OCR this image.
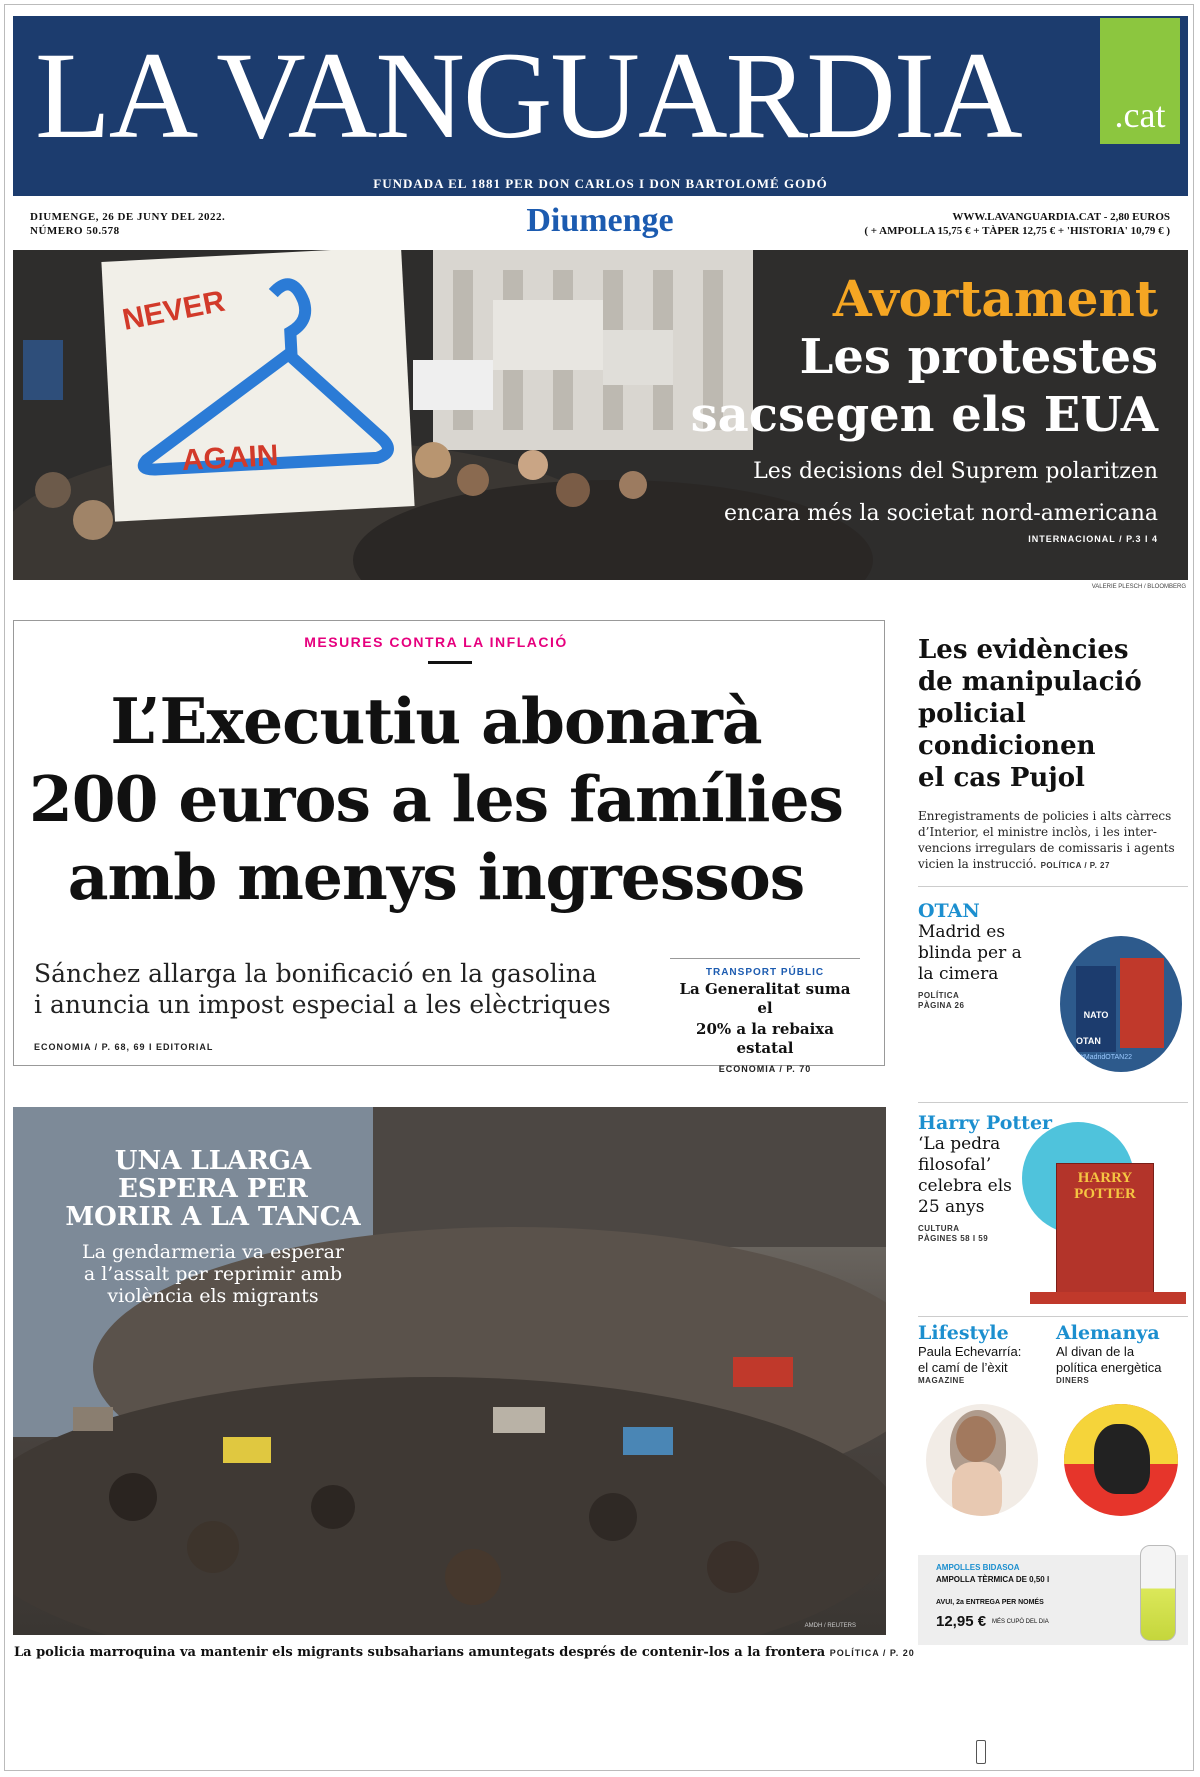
LA VANGUARDIA	.cat
FUNDADA EL 1881 PER DON CARLOS I DON BARTOLOMÉ GODÓ
DIUMENGE, 26 DE JUNY DEL 2022.
NÚMERO 50.578	Diumenge	WWW.LAVANGUARDIA.CAT - 2,80 EUROS
( + AMPOLLA 15,75 € + TÀPER 12,75 € + 'HISTORIA' 10,79 € )
NEVER
AGAIN
Avortament
Les protestes
sacsegen els EUA
Les decisions del Suprem polaritzen
encara més la societat nord-americana
INTERNACIONAL / P.3 I 4
VALERIE PLESCH / BLOOMBERG
MESURES CONTRA LA INFLACIÓ
L’Executiu abonarà
200 euros a les famílies
amb menys ingressos
Sánchez allarga la bonificació en la gasolina
i anuncia un impost especial a les elèctriques
ECONOMIA / P. 68, 69 I EDITORIAL
TRANSPORT PÚBLIC
La Generalitat suma el
20% a la rebaixa estatal
ECONOMIA / P. 70
Les evidències
de manipulació
policial condicionen
el cas Pujol
Enregistraments de policies i alts càrrecs
d’Interior, el ministre inclòs, i les inter-
vencions irregulars de comissaris i agents
vicien la instrucció. POLÍTICA / P. 27
OTAN
Madrid es
blinda per a
la cimera
POLÍTICA
PÀGINA 26
NATO
OTAN
#MadridOTAN22
Harry Potter
‘La pedra filosofal’
celebra els
25 anys
CULTURA
PÀGINES 58 I 59
HARRY
POTTER
Lifestyle
Paula Echevarría:
el camí de l’èxit
MAGAZINE
Alemanya
Al divan de la
política energètica
DINERS
AMPOLLES BIDASOA
AMPOLLA TÈRMICA DE 0,50 l
AVUI, 2a ENTREGA PER NOMÉS
12,95 € MÉS CUPÓ DEL DIA
UNA LLARGA
ESPERA PER
MORIR A LA TANCA
La gendarmeria va esperar
a l’assalt per reprimir amb
violència els migrants
AMDH / REUTERS
La policia marroquina va mantenir els migrants subsaharians amuntegats després de contenir-los a la frontera POLÍTICA / P. 20
